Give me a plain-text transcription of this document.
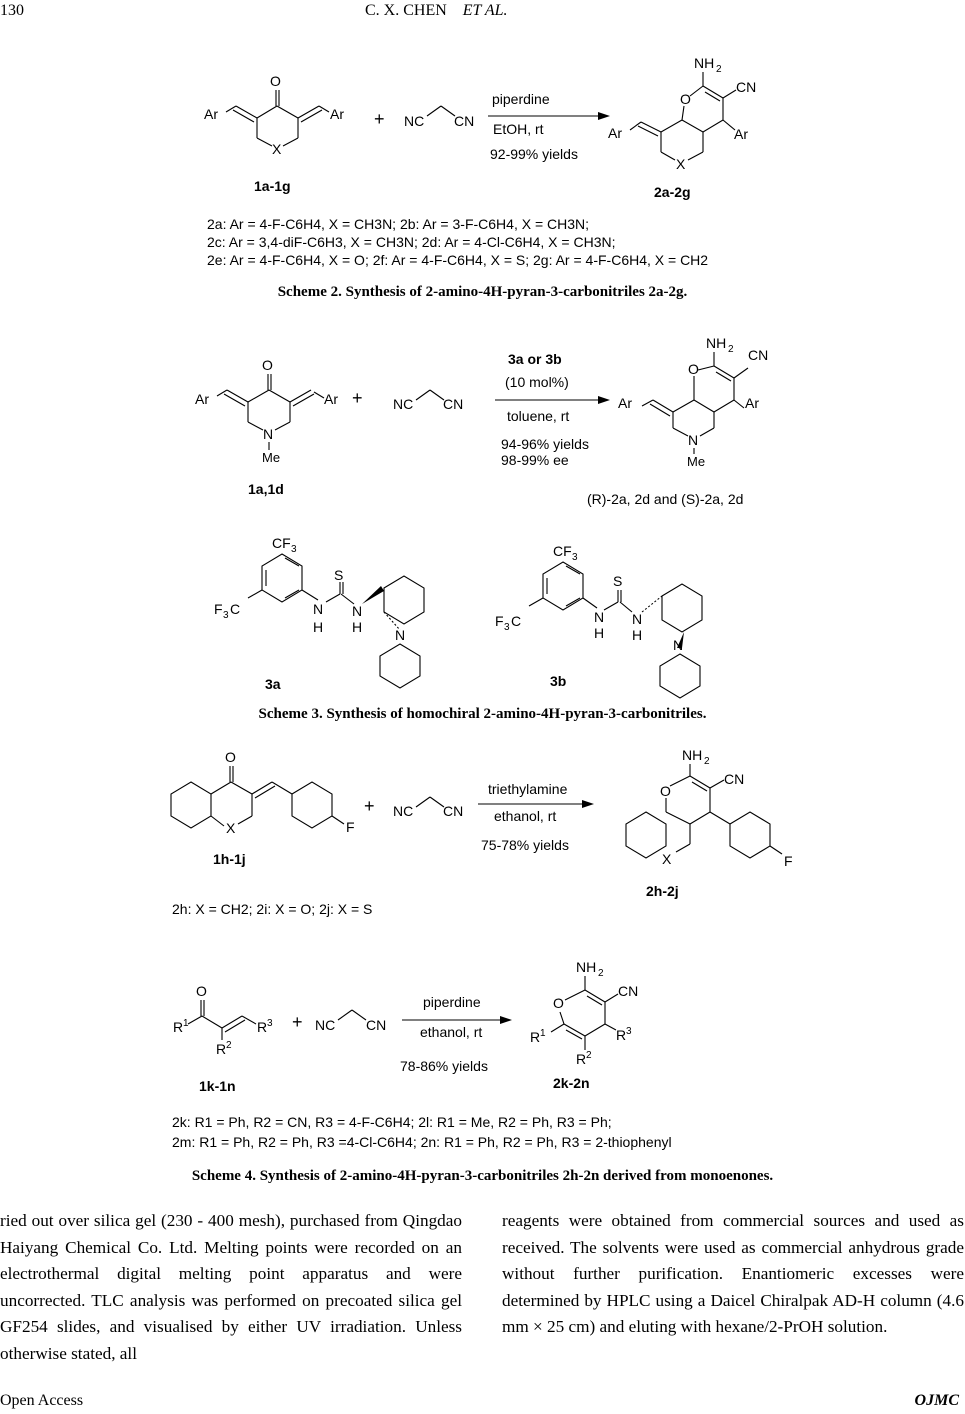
130	C. X. CHEN ET AL.
O
X
Ar	Ar + NC CN
NH 2
O
CN
Ar
X
Ar
piperdine
EtOH, rt
92-99% yields
1a-1g	2a-2g
2a: Ar = 4-F-C6H4, X = CH3N; 2b: Ar = 3-F-C6H4, X = CH3N;
2c: Ar = 3,4-diF-C6H3, X = CH3N; 2d: Ar = 4-Cl-C6H4, X = CH3N;
2e: Ar = 4-F-C6H4, X = O; 2f: Ar = 4-F-C6H4, X = S; 2g: Ar = 4-F-C6H4, X = CH2
Scheme 2. Synthesis of 2-amino-4H-pyran-3-carbonitriles 2a-2g.
O
N
Me
Ar	Ar + NC CN
NH 2
O
CN
Ar
N
Me
Ar
CF 3
F 3 C	N
H
S
N
H N
CF 3
F 3 C	N
H
S
N
H
N
3a or 3b
(10 mol%)
toluene, rt
94-96% yields
98-99% ee
1a,1d
(R)-2a, 2d and (S)-2a, 2d
3a	3b
Scheme 3. Synthesis of homochiral 2-amino-4H-pyran-3-carbonitriles.
O
X	F
+ NC CN
NH 2
O
CN
X	F
O
R 1
R 2
R 3 + NC CN
NH 2
O
CN
R 3
R 1
R 2
triethylamine
ethanol, rt
75-78% yields
1h-1j
2h-2j
2h: X = CH2; 2i: X = O; 2j: X = S
piperdine
ethanol, rt
78-86% yields
1k-1n	2k-2n
2k: R1 = Ph, R2 = CN, R3 = 4-F-C6H4; 2l: R1 = Me, R2 = Ph, R3 = Ph;
2m: R1 = Ph, R2 = Ph, R3 =4-Cl-C6H4; 2n: R1 = Ph, R2 = Ph, R3 = 2-thiophenyl
Scheme 4. Synthesis of 2-amino-4H-pyran-3-carbonitriles 2h-2n derived from monoenones.
ried out over silica gel (230 - 400 mesh), purchased from Qingdao Haiyang Chemical Co. Ltd. Melting points were recorded on an electrothermal digital melting point apparatus and were uncorrected. TLC analysis was performed on precoated silica gel GF254 slides, and visualised by either UV irradiation. Unless otherwise stated, all
reagents were obtained from commercial sources and used as received. The solvents were used as commercial anhydrous grade without further purification. Enantiomeric excesses were determined by HPLC using a Daicel Chiralpak AD-H column (4.6 mm × 25 cm) and eluting with hexane/2-PrOH solution.
Open Access	OJMC
